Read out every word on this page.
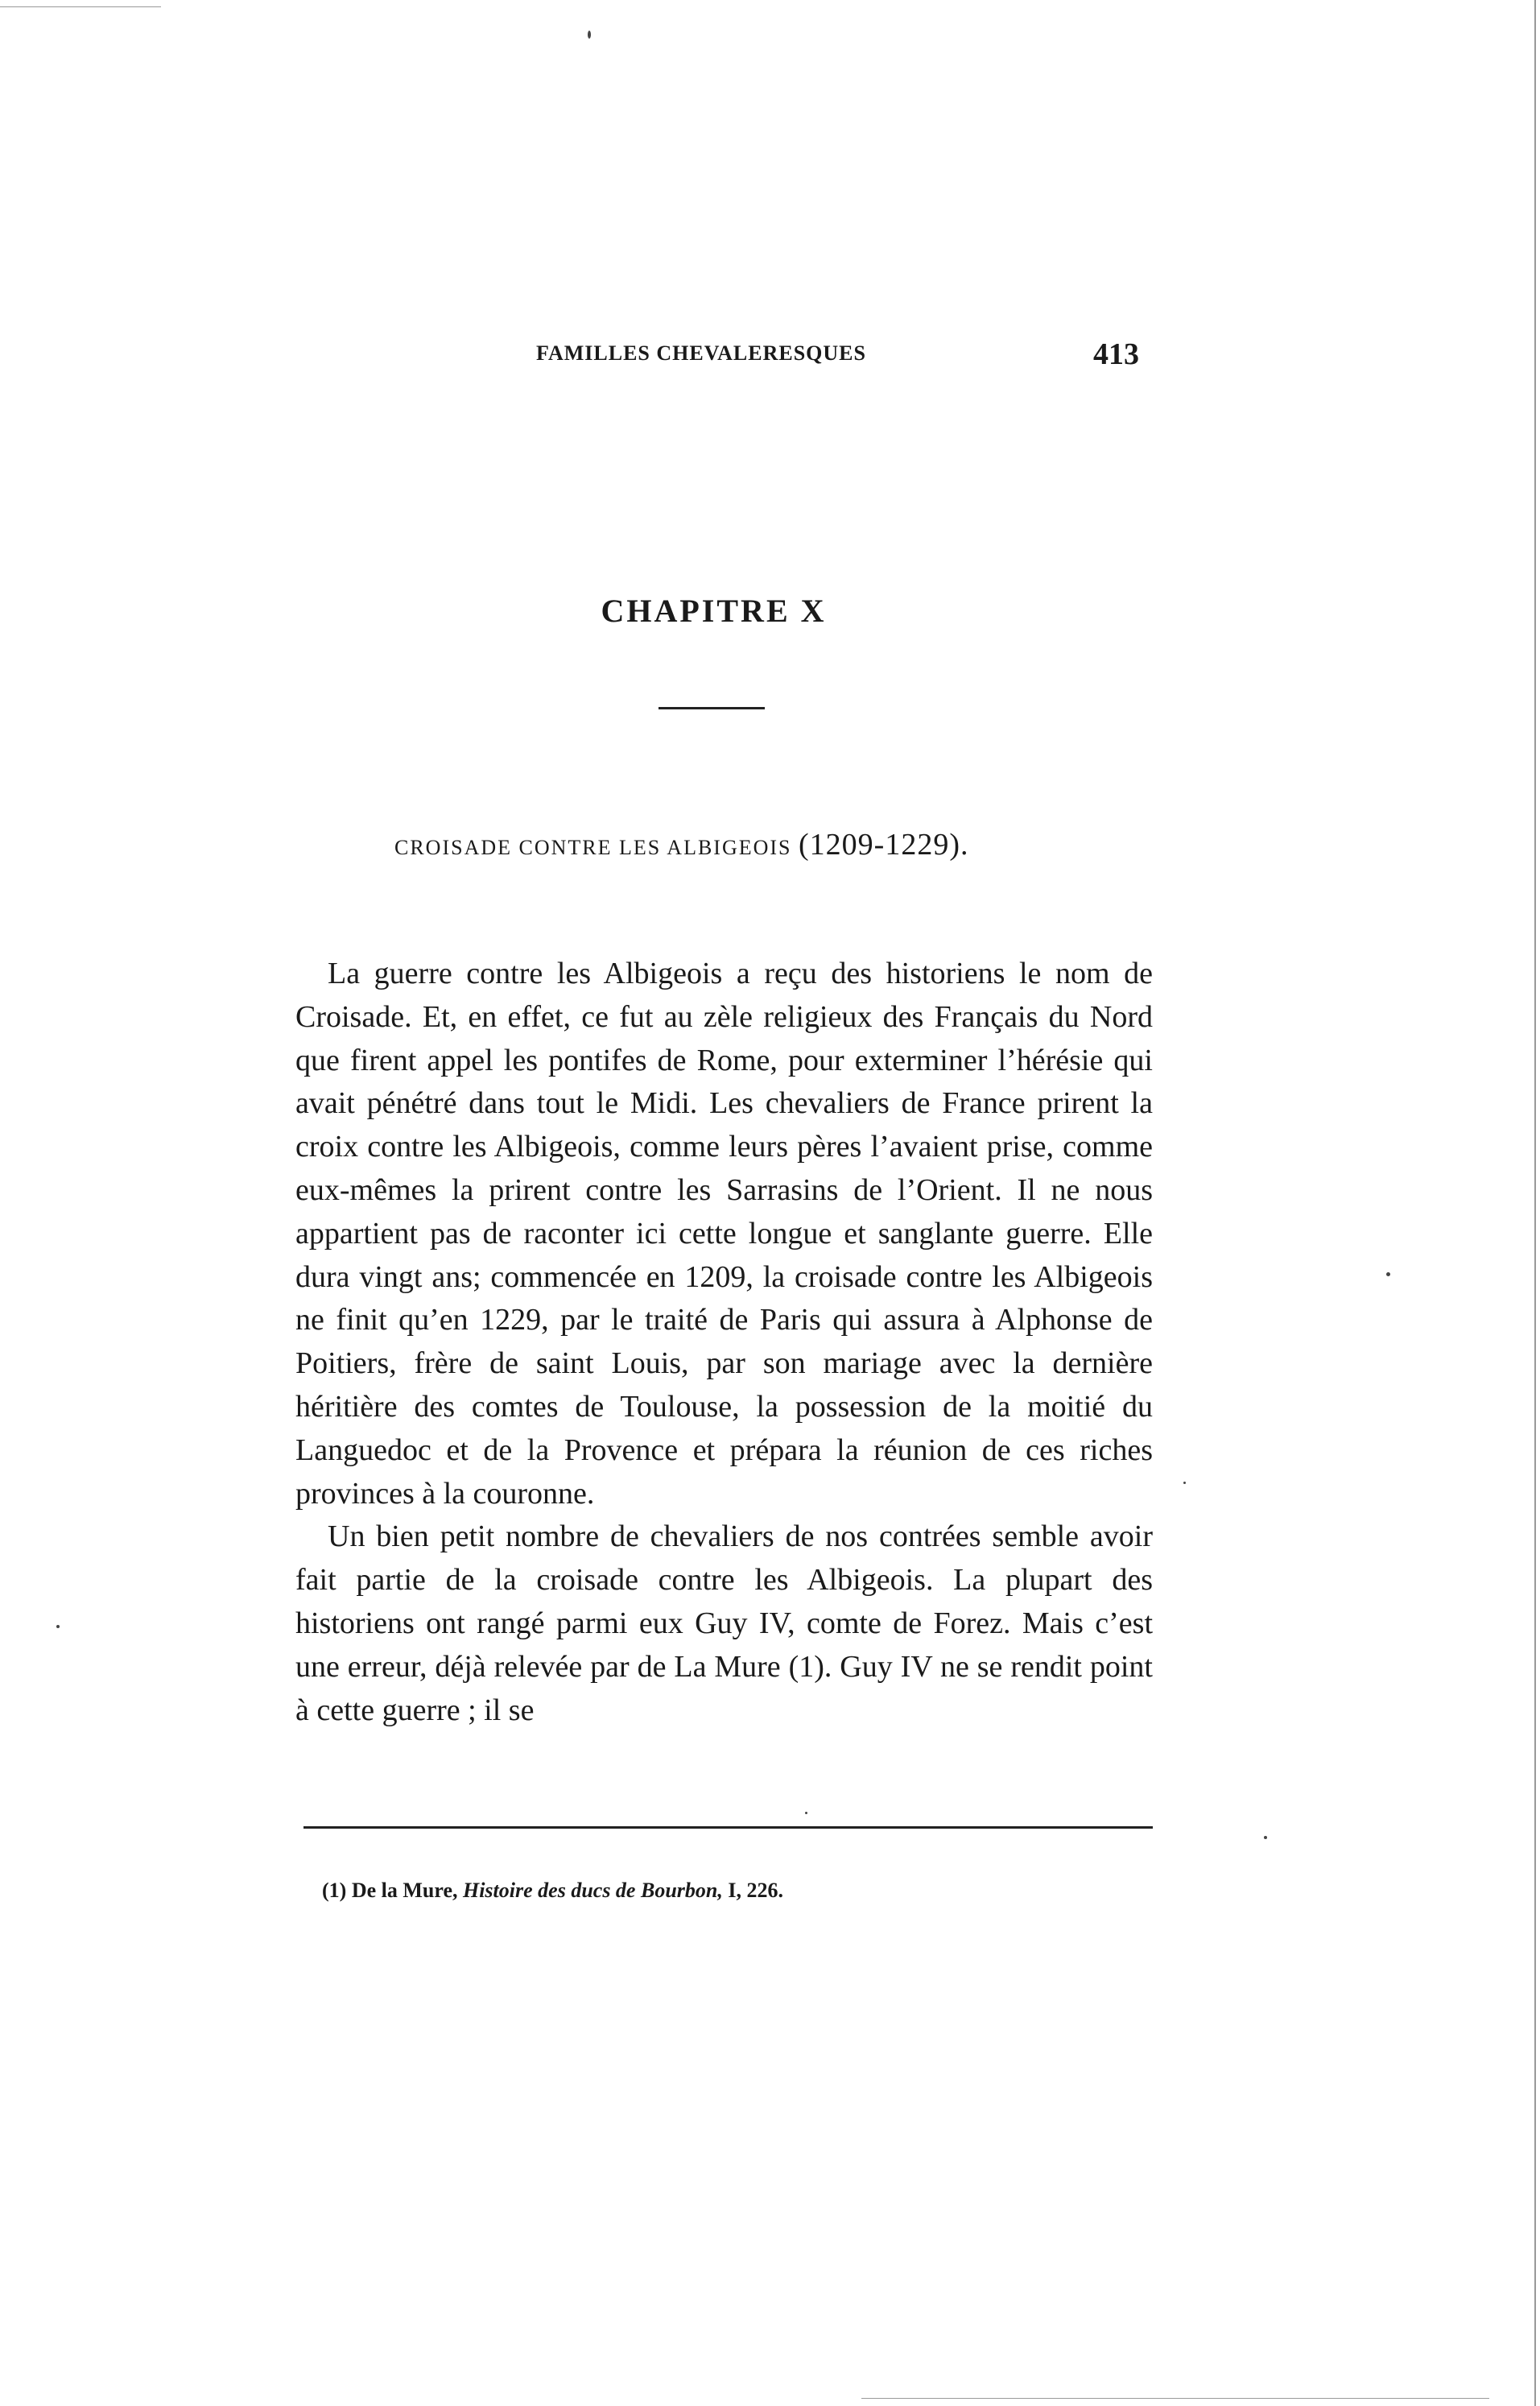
FAMILLES CHEVALERESQUES	413
CHAPITRE X
CROISADE CONTRE LES ALBIGEOIS (1209-1229).

La guerre contre les Albigeois a reçu des historiens le nom de Croisade. Et, en effet, ce fut au zèle religieux des Français du Nord que firent appel les pontifes de Rome, pour exterminer l’hérésie qui avait pénétré dans tout le Midi. Les chevaliers de France prirent la croix contre les Albigeois, comme leurs pères l’avaient prise, comme eux-mêmes la prirent contre les Sarrasins de l’Orient. Il ne nous appartient pas de raconter ici cette longue et sanglante guerre. Elle dura vingt ans; commencée en 1209, la croisade contre les Albigeois ne finit qu’en 1229, par le traité de Paris qui assura à Alphonse de Poitiers, frère de saint Louis, par son mariage avec la dernière héritière des comtes de Toulouse, la possession de la moitié du Languedoc et de la Provence et prépara la réunion de ces riches provinces à la couronne.

Un bien petit nombre de chevaliers de nos contrées semble avoir fait partie de la croisade contre les Albigeois. La plupart des historiens ont rangé parmi eux Guy IV, comte de Forez. Mais c’est une erreur, déjà relevée par de La Mure (1). Guy IV ne se rendit point à cette guerre ; il se

(1) De la Mure, Histoire des ducs de Bourbon, I, 226.
